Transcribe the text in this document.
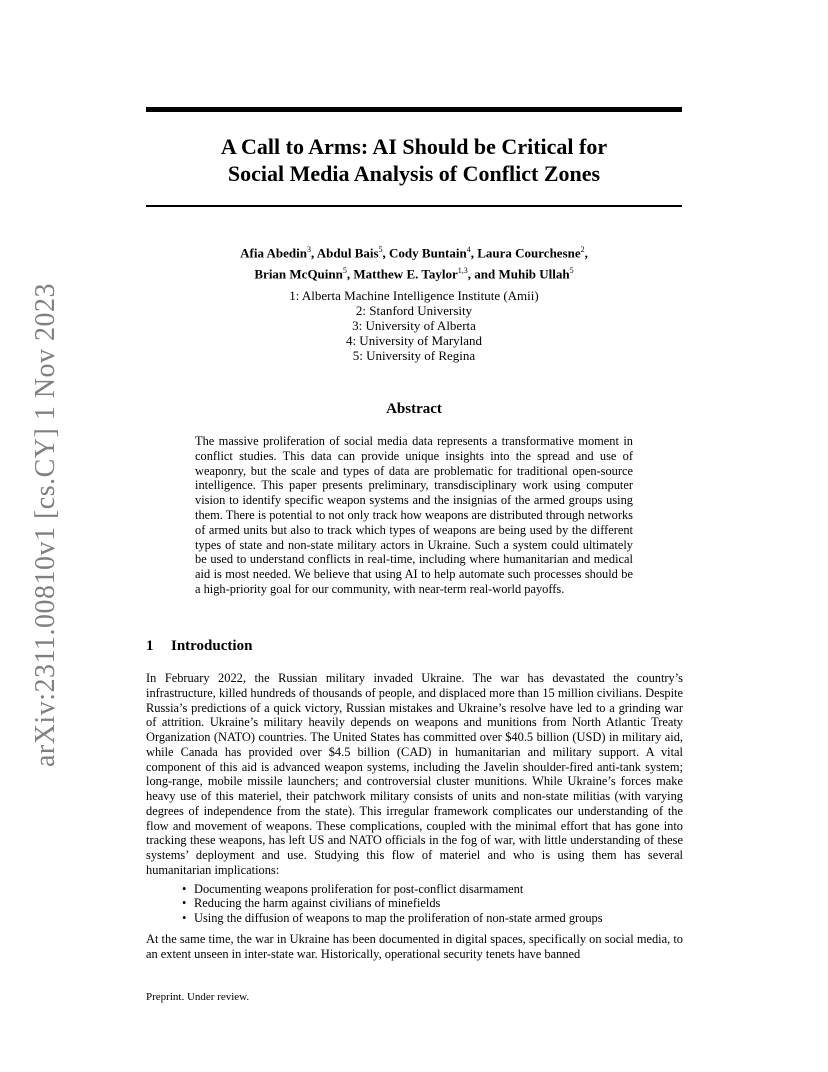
arXiv:2311.00810v1 [cs.CY] 1 Nov 2023
A Call to Arms: AI Should be Critical for
Social Media Analysis of Conflict Zones
Afia Abedin$^3$, Abdul Bais$^5$, Cody Buntain$^4$, Laura Courchesne$^2$,
Brian McQuinn$^5$, Matthew E. Taylor$^{1,3}$, and Muhib Ullah$^5$
1: Alberta Machine Intelligence Institute (Amii)
2: Stanford University
3: University of Alberta
4: University of Maryland
5: University of Regina
Abstract
The massive proliferation of social media data represents a transformative moment in conflict studies. This data can provide unique insights into the spread and use of weaponry, but the scale and types of data are problematic for traditional open-source intelligence. This paper presents preliminary, transdisciplinary work using computer vision to identify specific weapon systems and the insignias of the armed groups using them. There is potential to not only track how weapons are distributed through networks of armed units but also to track which types of weapons are being used by the different types of state and non-state military actors in Ukraine. Such a system could ultimately be used to understand conflicts in real-time, including where humanitarian and medical aid is most needed. We believe that using AI to help automate such processes should be a high-priority goal for our community, with near-term real-world payoffs.
1 Introduction

In February 2022, the Russian military invaded Ukraine. The war has devastated the country’s infrastructure, killed hundreds of thousands of people, and displaced more than 15 million civilians. Despite Russia’s predictions of a quick victory, Russian mistakes and Ukraine’s resolve have led to a grinding war of attrition. Ukraine’s military heavily depends on weapons and munitions from North Atlantic Treaty Organization (NATO) countries. The United States has committed over $40.5 billion (USD) in military aid, while Canada has provided over $4.5 billion (CAD) in humanitarian and military support. A vital component of this aid is advanced weapon systems, including the Javelin shoulder-fired anti-tank system; long-range, mobile missile launchers; and controversial cluster munitions. While Ukraine’s forces make heavy use of this materiel, their patchwork military consists of units and non-state militias (with varying degrees of independence from the state). This irregular framework complicates our understanding of the flow and movement of weapons. These complications, coupled with the minimal effort that has gone into tracking these weapons, has left US and NATO officials in the fog of war, with little understanding of these systems’ deployment and use. Studying this flow of materiel and who is using them has several humanitarian implications:

• Documenting weapons proliferation for post-conflict disarmament
• Reducing the harm against civilians of minefields
• Using the diffusion of weapons to map the proliferation of non-state armed groups

At the same time, the war in Ukraine has been documented in digital spaces, specifically on social media, to an extent unseen in inter-state war. Historically, operational security tenets have banned

Preprint. Under review.
